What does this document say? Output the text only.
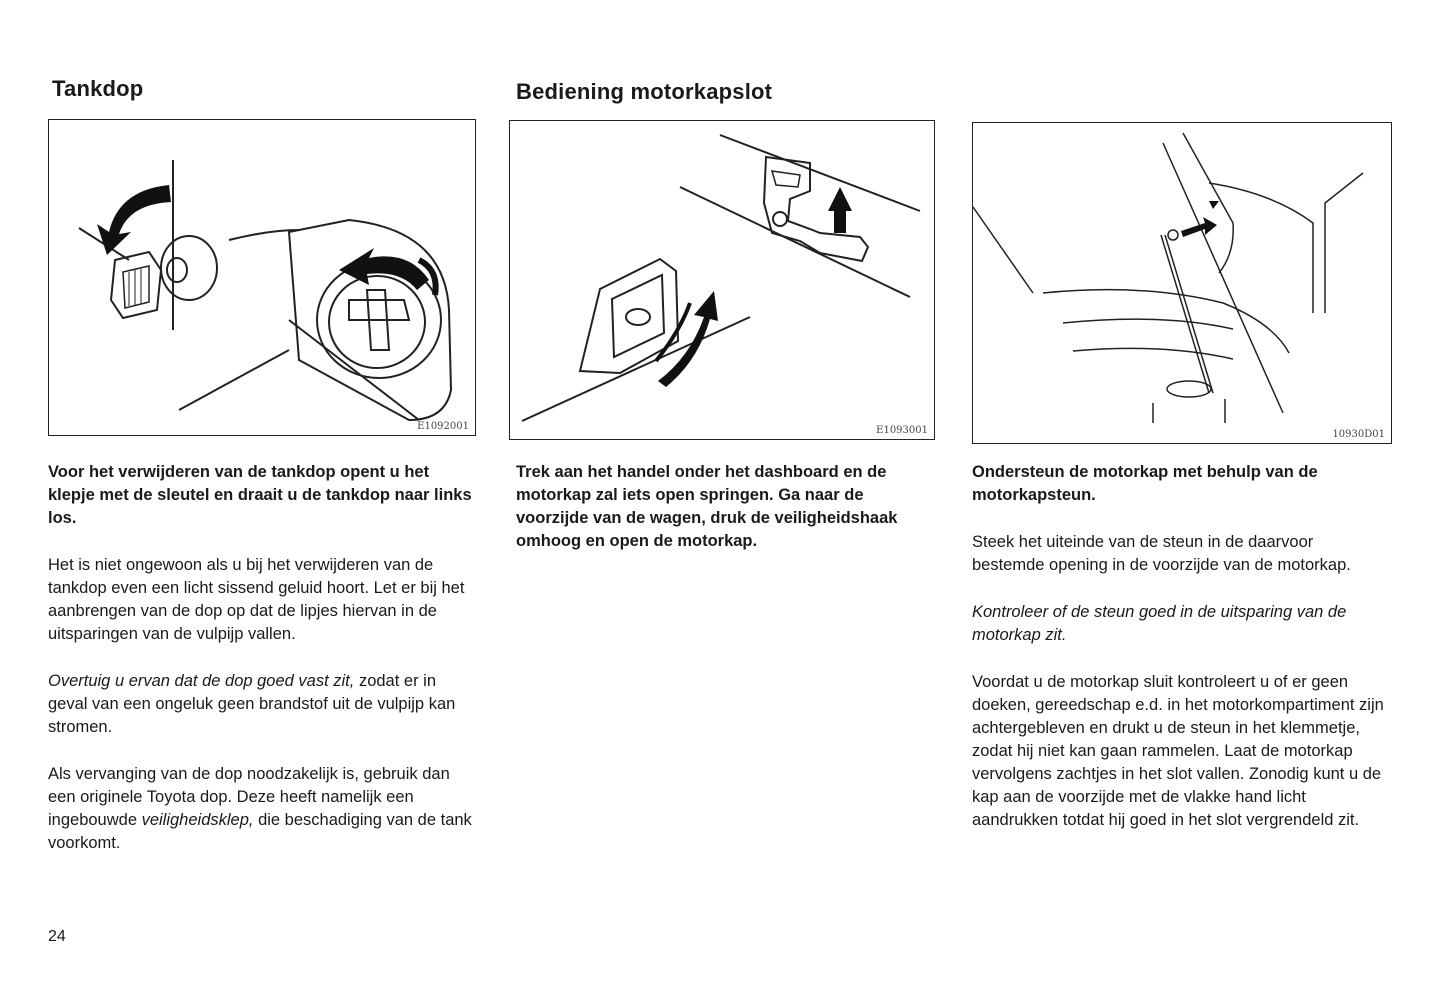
Tankdop
E1092001

Voor het verwijderen van de tankdop opent u het klepje met de sleutel en draait u de tankdop naar links los.

Het is niet ongewoon als u bij het verwijderen van de tankdop even een licht sissend geluid hoort. Let er bij het aanbrengen van de dop op dat de lipjes hiervan in de uitsparingen van de vulpijp vallen.

Overtuig u ervan dat de dop goed vast zit, zodat er in geval van een ongeluk geen brandstof uit de vulpijp kan stromen.

Als vervanging van de dop noodzakelijk is, gebruik dan een originele Toyota dop. Deze heeft namelijk een ingebouwde veiligheidsklep, die beschadiging van de tank voorkomt.

Bediening motorkapslot
E1093001

Trek aan het handel onder het dashboard en de motorkap zal iets open springen. Ga naar de voorzijde van de wagen, druk de veiligheidshaak omhoog en open de motorkap.

10930D01

Ondersteun de motorkap met behulp van de motorkapsteun.

Steek het uiteinde van de steun in de daarvoor bestemde opening in de voorzijde van de motorkap.

Kontroleer of de steun goed in de uitsparing van de motorkap zit.

Voordat u de motorkap sluit kontroleert u of er geen doeken, gereedschap e.d. in het motorkompartiment zijn achtergebleven en drukt u de steun in het klemmetje, zodat hij niet kan gaan rammelen. Laat de motorkap vervolgens zachtjes in het slot vallen. Zonodig kunt u de kap aan de voorzijde met de vlakke hand licht aandrukken totdat hij goed in het slot vergrendeld zit.

24
